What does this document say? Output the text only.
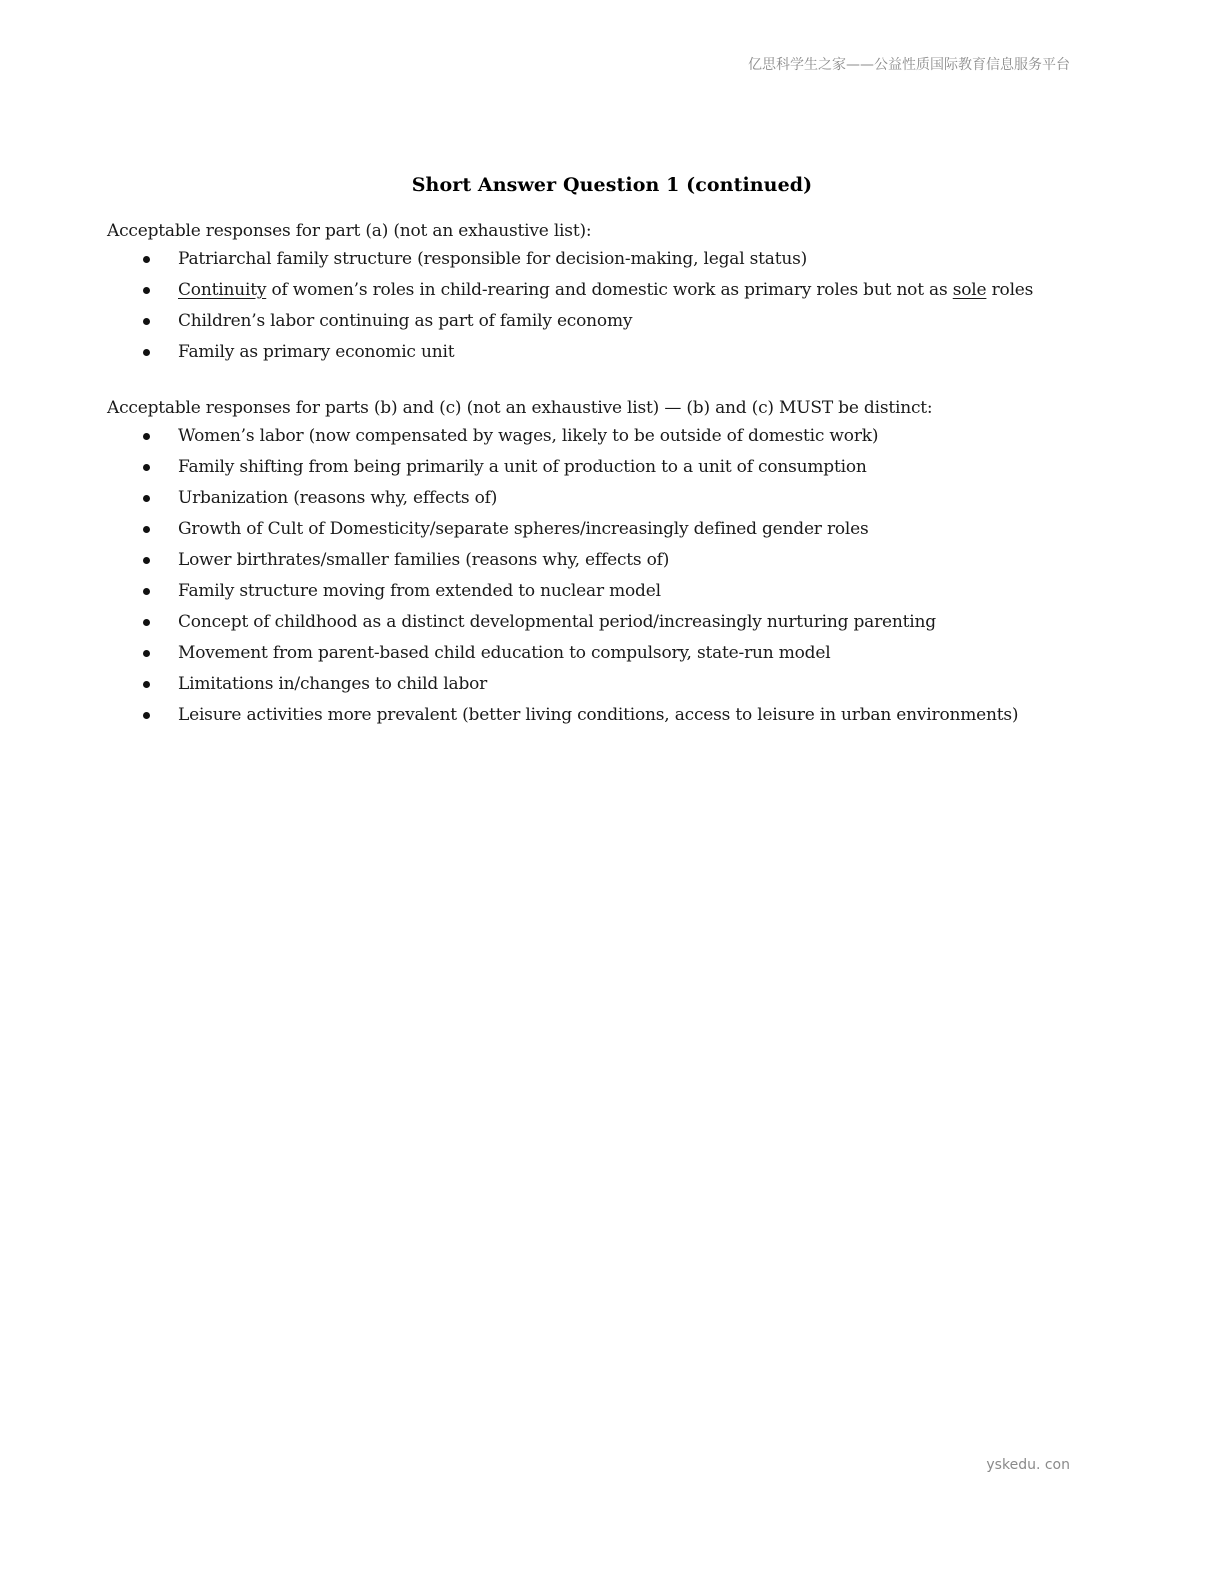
亿思科学生之家——公益性质国际教育信息服务平台
Short Answer Question 1 (continued)

Acceptable responses for part (a) (not an exhaustive list):

Patriarchal family structure (responsible for decision-making, legal status)
Continuity of women’s roles in child-rearing and domestic work as primary roles but not as sole roles
Children’s labor continuing as part of family economy
Family as primary economic unit

Acceptable responses for parts (b) and (c) (not an exhaustive list) — (b) and (c) MUST be distinct:

Women’s labor (now compensated by wages, likely to be outside of domestic work)
Family shifting from being primarily a unit of production to a unit of consumption
Urbanization (reasons why, effects of)
Growth of Cult of Domesticity/separate spheres/increasingly defined gender roles
Lower birthrates/smaller families (reasons why, effects of)
Family structure moving from extended to nuclear model
Concept of childhood as a distinct developmental period/increasingly nurturing parenting
Movement from parent-based child education to compulsory, state-run model
Limitations in/changes to child labor
Leisure activities more prevalent (better living conditions, access to leisure in urban environments)
yskedu. con
